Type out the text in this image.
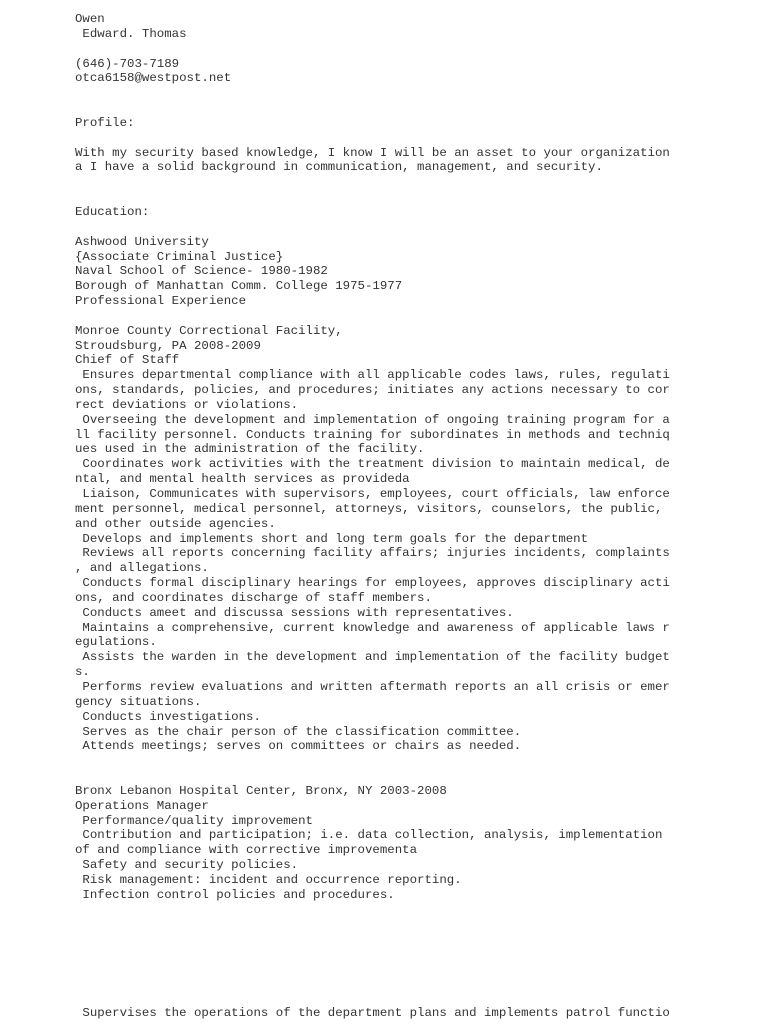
Owen
Edward. Thomas
(646)-703-7189
otca6158@westpost.net
Profile:
With my security based knowledge, I know I will be an asset to your organization
a I have a solid background in communication, management, and security.
Education:
Ashwood University
{Associate Criminal Justice}
Naval School of Science- 1980-1982
Borough of Manhattan Comm. College 1975-1977
Professional Experience
Monroe County Correctional Facility,
Stroudsburg, PA 2008-2009
Chief of Staff
Ensures departmental compliance with all applicable codes laws, rules, regulati
ons, standards, policies, and procedures; initiates any actions necessary to cor
rect deviations or violations.
Overseeing the development and implementation of ongoing training program for a
ll facility personnel. Conducts training for subordinates in methods and techniq
ues used in the administration of the facility.
Coordinates work activities with the treatment division to maintain medical, de
ntal, and mental health services as provideda
Liaison, Communicates with supervisors, employees, court officials, law enforce
ment personnel, medical personnel, attorneys, visitors, counselors, the public,
and other outside agencies.
Develops and implements short and long term goals for the department
Reviews all reports concerning facility affairs; injuries incidents, complaints
, and allegations.
Conducts formal disciplinary hearings for employees, approves disciplinary acti
ons, and coordinates discharge of staff members.
Conducts ameet and discussa sessions with representatives.
Maintains a comprehensive, current knowledge and awareness of applicable laws r
egulations.
Assists the warden in the development and implementation of the facility budget
s.
Performs review evaluations and written aftermath reports an all crisis or emer
gency situations.
Conducts investigations.
Serves as the chair person of the classification committee.
Attends meetings; serves on committees or chairs as needed.
Bronx Lebanon Hospital Center, Bronx, NY 2003-2008
Operations Manager
Performance/quality improvement
Contribution and participation; i.e. data collection, analysis, implementation
of and compliance with corrective improvementa
Safety and security policies.
Risk management: incident and occurrence reporting.
Infection control policies and procedures.
Supervises the operations of the department plans and implements patrol functio
